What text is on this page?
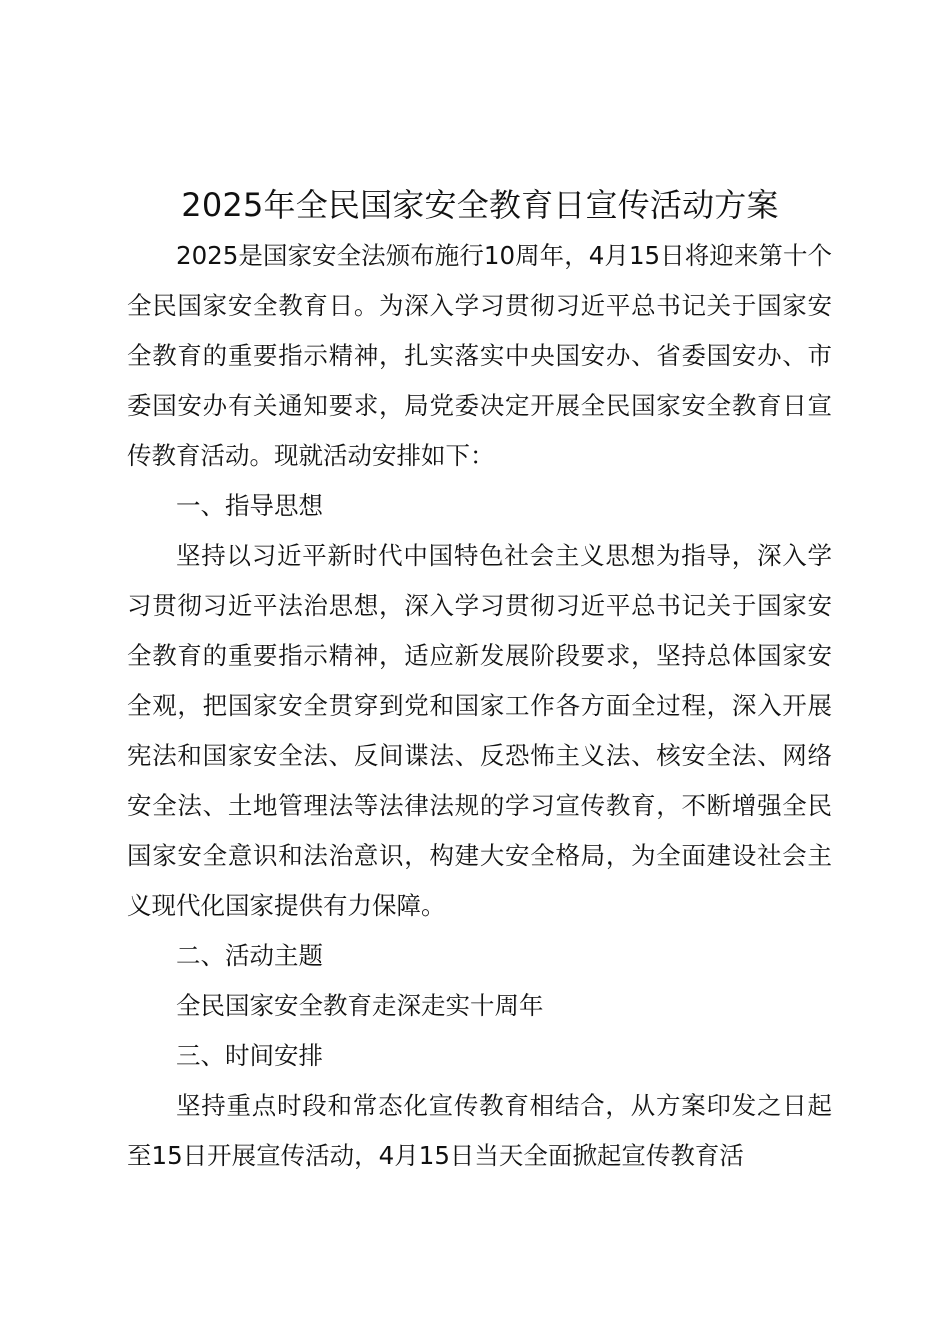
2025年全民国家安全教育日宣传活动方案

2025是国家安全法颁布施行10周年，4月15日将迎来第十个全民国家安全教育日。为深入学习贯彻习近平总书记关于国家安全教育的重要指示精神，扎实落实中央国安办、省委国安办、市委国安办有关通知要求，局党委决定开展全民国家安全教育日宣传教育活动。现就活动安排如下：

一、指导思想

坚持以习近平新时代中国特色社会主义思想为指导，深入学习贯彻习近平法治思想，深入学习贯彻习近平总书记关于国家安全教育的重要指示精神，适应新发展阶段要求，坚持总体国家安全观，把国家安全贯穿到党和国家工作各方面全过程，深入开展宪法和国家安全法、反间谍法、反恐怖主义法、核安全法、网络安全法、土地管理法等法律法规的学习宣传教育，不断增强全民国家安全意识和法治意识，构建大安全格局，为全面建设社会主义现代化国家提供有力保障。

二、活动主题

全民国家安全教育走深走实十周年

三、时间安排

坚持重点时段和常态化宣传教育相结合，从方案印发之日起至15日开展宣传活动，4月15日当天全面掀起宣传教育活
